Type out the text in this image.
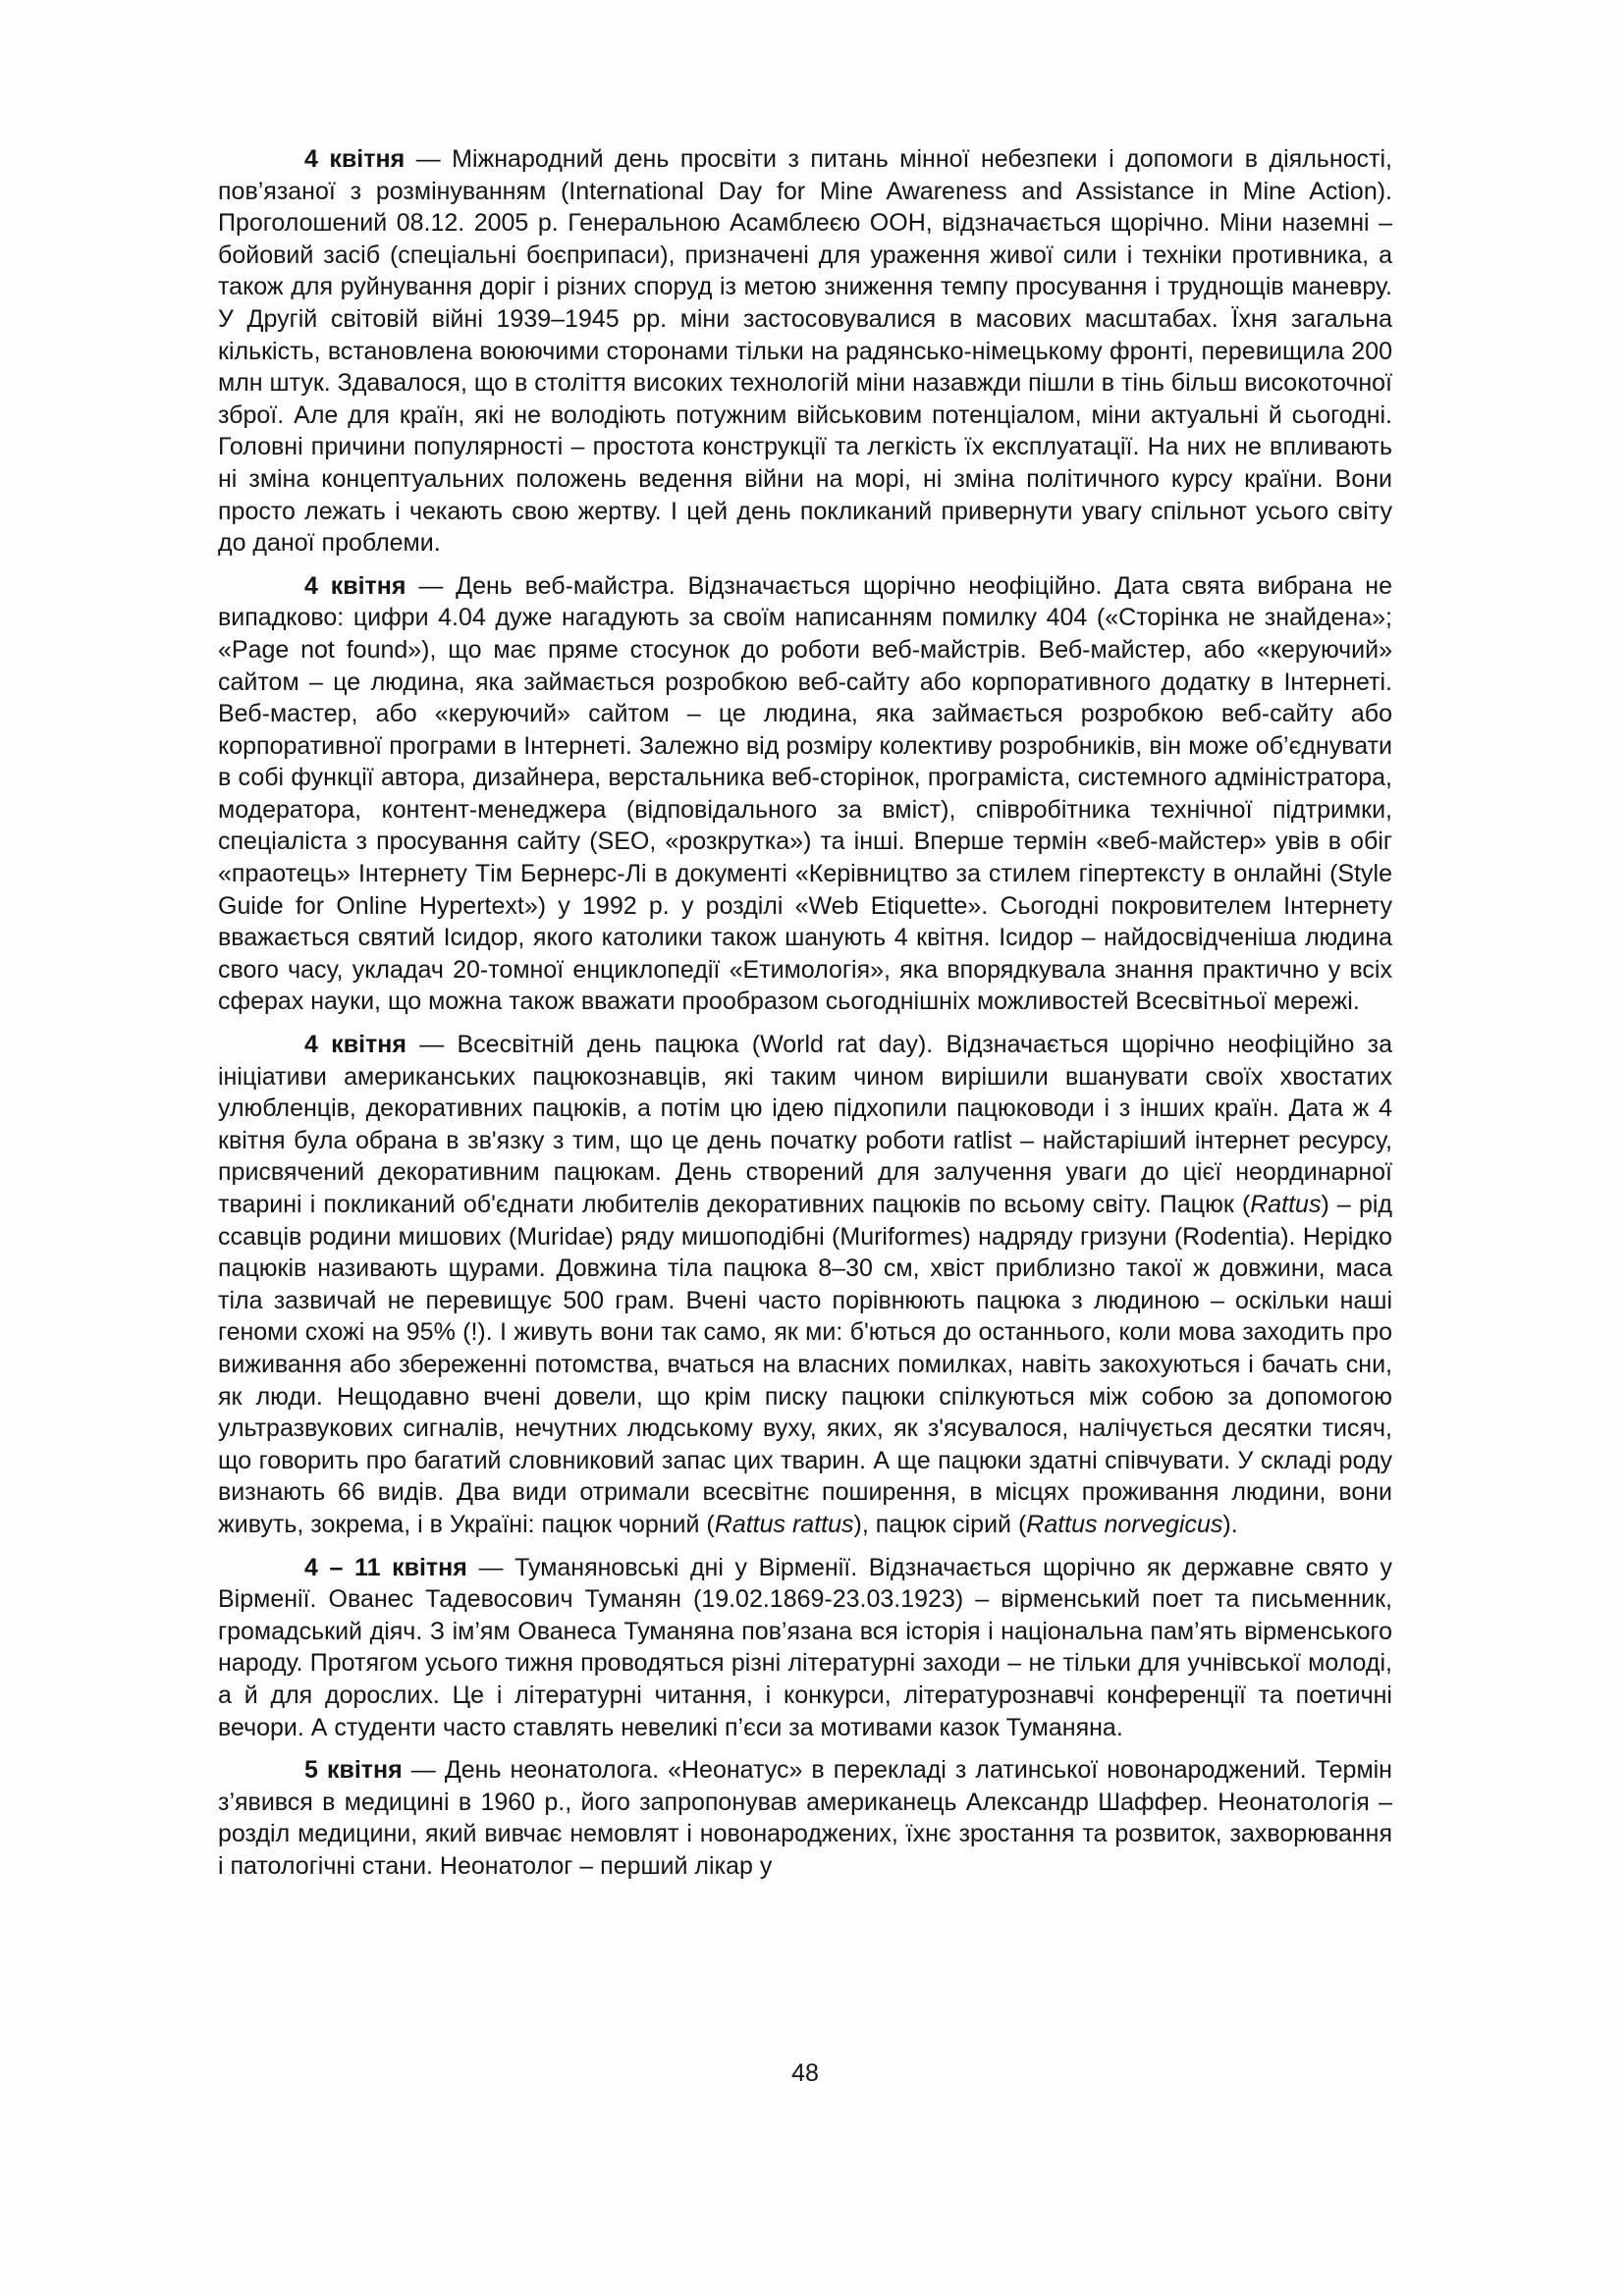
4 квітня — Міжнародний день просвіти з питань мінної небезпеки і допомоги в діяльності, пов’язаної з розмінуванням (International Day for Mine Awareness and Assistance in Mine Action). Проголошений 08.12. 2005 р. Генеральною Асамблеєю ООН, відзначається щорічно. Міни наземні – бойовий засіб (спеціальні боєприпаси), призначені для ураження живої сили і техніки противника, а також для руйнування доріг і різних споруд із метою зниження темпу просування і труднощів маневру. У Другій світовій війні 1939–1945 рр. міни застосовувалися в масових масштабах. Їхня загальна кількість, встановлена воюючими сторонами тільки на радянсько-німецькому фронті, перевищила 200 млн штук. Здавалося, що в століття високих технологій міни назавжди пішли в тінь більш високоточної зброї. Але для країн, які не володіють потужним військовим потенціалом, міни актуальні й сьогодні. Головні причини популярності – простота конструкції та легкість їх експлуатації. На них не впливають ні зміна концептуальних положень ведення війни на морі, ні зміна політичного курсу країни. Вони просто лежать і чекають свою жертву. І цей день покликаний привернути увагу спільнот усього світу до даної проблеми.

4 квітня — День веб-майстра. Відзначається щорічно неофіційно. Дата свята вибрана не випадково: цифри 4.04 дуже нагадують за своїм написанням помилку 404 («Сторінка не знайдена»; «Page not found»), що має пряме стосунок до роботи веб-майстрів. Веб-майстер, або «керуючий» сайтом – це людина, яка займається розробкою веб-сайту або корпоративного додатку в Інтернеті. Веб-мастер, або «керуючий» сайтом – це людина, яка займається розробкою веб-сайту або корпоративної програми в Інтернеті. Залежно від розміру колективу розробників, він може об’єднувати в собі функції автора, дизайнера, верстальника веб-сторінок, програміста, системного адміністратора, модератора, контент-менеджера (відповідального за вміст), співробітника технічної підтримки, спеціаліста з просування сайту (SEO, «розкрутка») та інші. Вперше термін «веб-майстер» увів в обіг «праотець» Інтернету Тім Бернерс-Лі в документі «Керівництво за стилем гіпертексту в онлайні (Style Guide for Online Hypertext») у 1992 р. у розділі «Web Etiquette». Сьогодні покровителем Інтернету вважається святий Ісидор, якого католики також шанують 4 квітня. Ісидор – найдосвідченіша людина свого часу, укладач 20-томної енциклопедії «Етимологія», яка впорядкувала знання практично у всіх сферах науки, що можна також вважати прообразом сьогоднішніх можливостей Всесвітньої мережі.

4 квітня — Всесвітній день пацюка (World rat day). Відзначається щорічно неофіційно за ініціативи американських пацюкознавців, які таким чином вирішили вшанувати своїх хвостатих улюбленців, декоративних пацюків, а потім цю ідею підхопили пацюководи і з інших країн. Дата ж 4 квітня була обрана в зв'язку з тим, що це день початку роботи ratlist – найстаріший інтернет ресурсу, присвячений декоративним пацюкам. День створений для залучення уваги до цієї неординарної тварині і покликаний об'єднати любителів декоративних пацюків по всьому світу. Пацюк (Rattus) – рід ссавців родини мишових (Muridae) ряду мишоподібні (Muriformes) надряду гризуни (Rodentia). Нерідко пацюків називають щурами. Довжина тіла пацюка 8–30 см, хвіст приблизно такої ж довжини, маса тіла зазвичай не перевищує 500 грам. Вчені часто порівнюють пацюка з людиною – оскільки наші геноми схожі на 95% (!). І живуть вони так само, як ми: б'ються до останнього, коли мова заходить про виживання або збереженні потомства, вчаться на власних помилках, навіть закохуються і бачать сни, як люди. Нещодавно вчені довели, що крім писку пацюки спілкуються між собою за допомогою ультразвукових сигналів, нечутних людському вуху, яких, як з'ясувалося, налічується десятки тисяч, що говорить про багатий словниковий запас цих тварин. А ще пацюки здатні співчувати. У складі роду визнають 66 видів. Два види отримали всесвітнє поширення, в місцях проживання людини, вони живуть, зокрема, і в Україні: пацюк чорний (Rattus rattus), пацюк сірий (Rattus norvegicus).

4 – 11 квітня — Туманяновські дні у Вірменії. Відзначається щорічно як державне свято у Вірменії. Ованес Тадевосович Туманян (19.02.1869-23.03.1923) – вірменський поет та письменник, громадський діяч. З ім’ям Ованеса Туманяна пов’язана вся історія і національна пам’ять вірменського народу. Протягом усього тижня проводяться різні літературні заходи – не тільки для учнівської молоді, а й для дорослих. Це і літературні читання, і конкурси, літературознавчі конференції та поетичні вечори. А студенти часто ставлять невеликі п’єси за мотивами казок Туманяна.

5 квітня — День неонатолога. «Неонатус» в перекладі з латинської новонароджений. Термін з’явився в медицині в 1960 р., його запропонував американець Александр Шаффер. Неонатологія – розділ медицини, який вивчає немовлят і новонароджених, їхнє зростання та розвиток, захворювання і патологічні стани. Неонатолог – перший лікар у

48
